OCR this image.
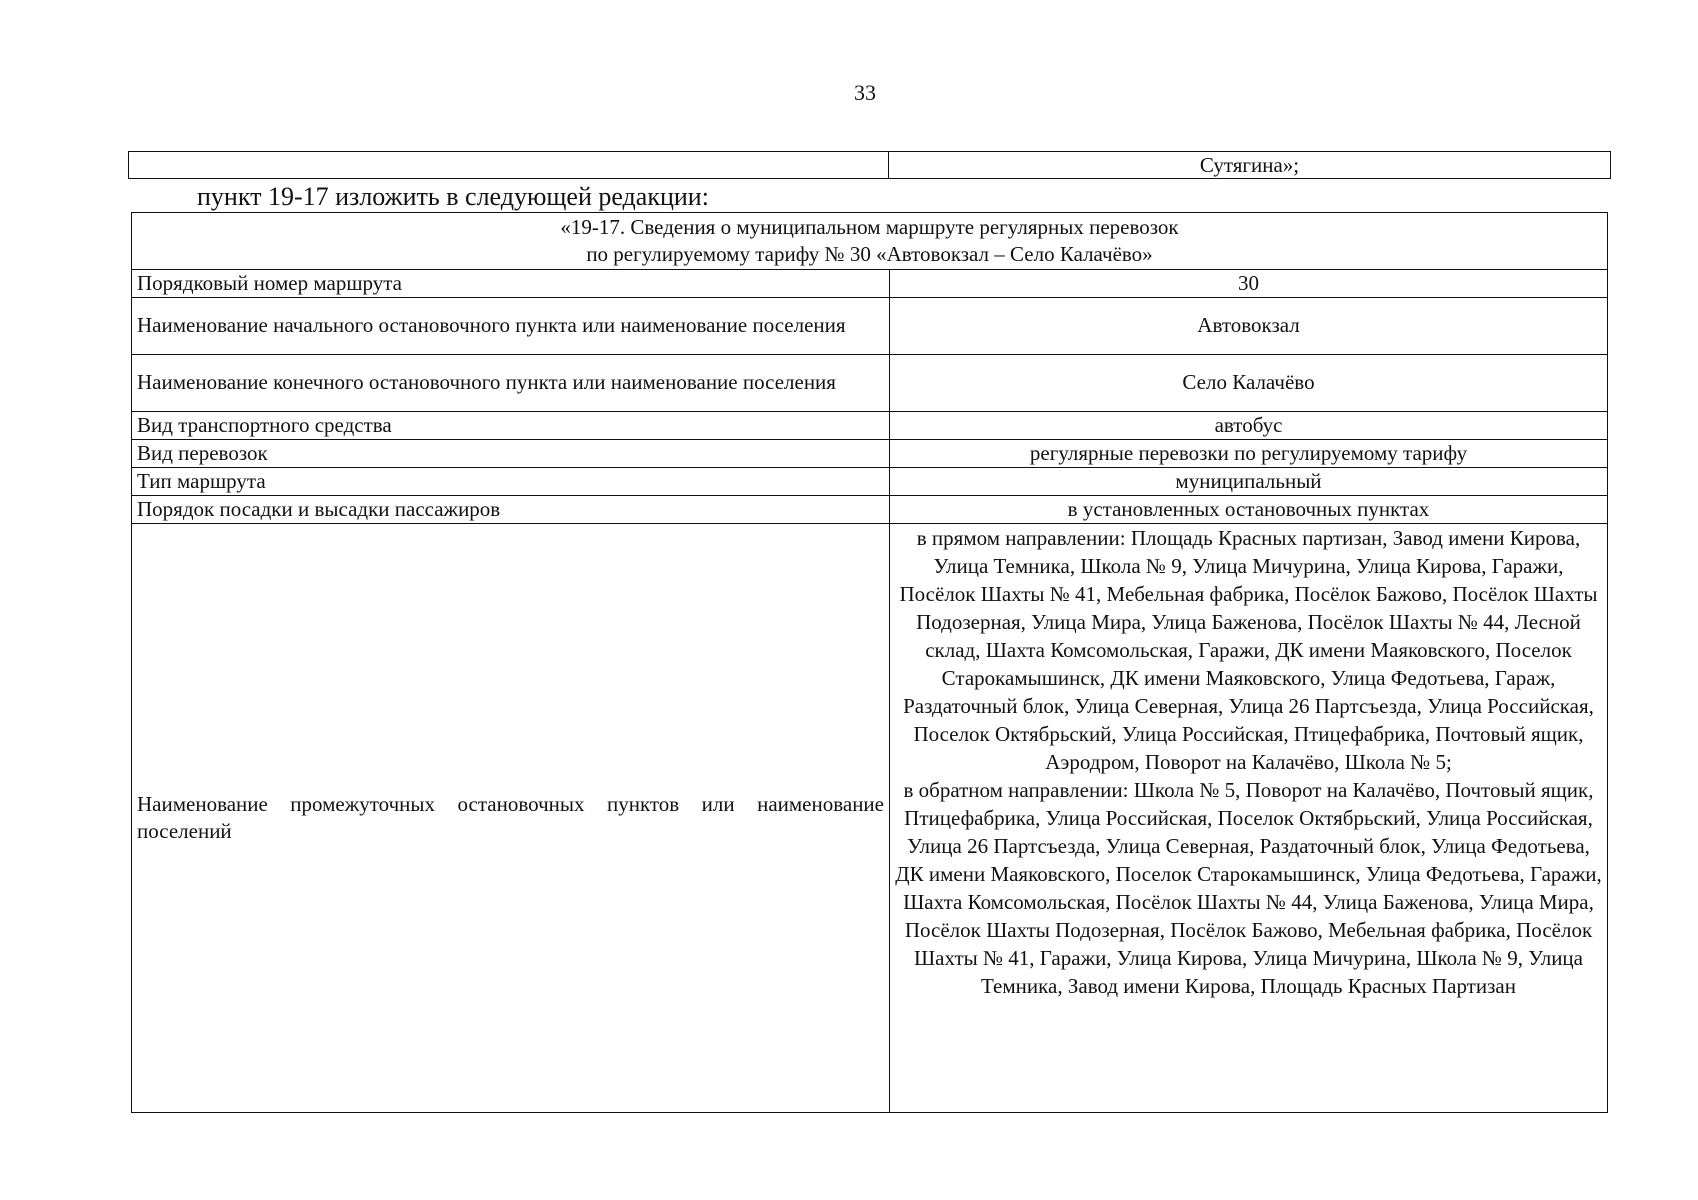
33
	Сутягина»;
пункт 19-17 изложить в следующей редакции:
«19-17. Сведения о муниципальном маршруте регулярных перевозок
по регулируемому тарифу № 30 «Автовокзал – Село Калачёво»	

Порядковый номер маршрута	30
Наименование начального остановочного пункта или наименование поселения	Автовокзал
Наименование конечного остановочного пункта или наименование поселения	Село Калачёво
Вид транспортного средства	автобус
Вид перевозок	регулярные перевозки по регулируемому тарифу
Тип маршрута	муниципальный
Порядок посадки и высадки пассажиров	в установленных остановочных пунктах
Наименование промежуточных остановочных пунктов или наименование поселений	в прямом направлении: Площадь Красных партизан, Завод имени Кирова, Улица Темника, Школа № 9, Улица Мичурина, Улица Кирова, Гаражи, Посёлок Шахты № 41, Мебельная фабрика, Посёлок Бажово, Посёлок Шахты Подозерная, Улица Мира, Улица Баженова, Посёлок Шахты № 44, Лесной склад, Шахта Комсомольская, Гаражи, ДК имени Маяковского, Поселок Старокамышинск, ДК имени Маяковского, Улица Федотьева, Гараж, Раздаточный блок, Улица Северная, Улица 26 Партсъезда, Улица Российская, Поселок Октябрьский, Улица Российская, Птицефабрика, Почтовый ящик, Аэродром, Поворот на Калачёво, Школа № 5;

в обратном направлении: Школа № 5, Поворот на Калачёво, Почтовый ящик, Птицефабрика, Улица Российская, Поселок Октябрьский, Улица Российская, Улица 26 Партсъезда, Улица Северная, Раздаточный блок, Улица Федотьева, ДК имени Маяковского, Поселок Старокамышинск, Улица Федотьева, Гаражи, Шахта Комсомольская, Посёлок Шахты № 44, Улица Баженова, Улица Мира, Посёлок Шахты Подозерная, Посёлок Бажово, Мебельная фабрика, Посёлок Шахты № 41, Гаражи, Улица Кирова, Улица Мичурина, Школа № 9, Улица Темника, Завод имени Кирова, Площадь Красных Партизан
